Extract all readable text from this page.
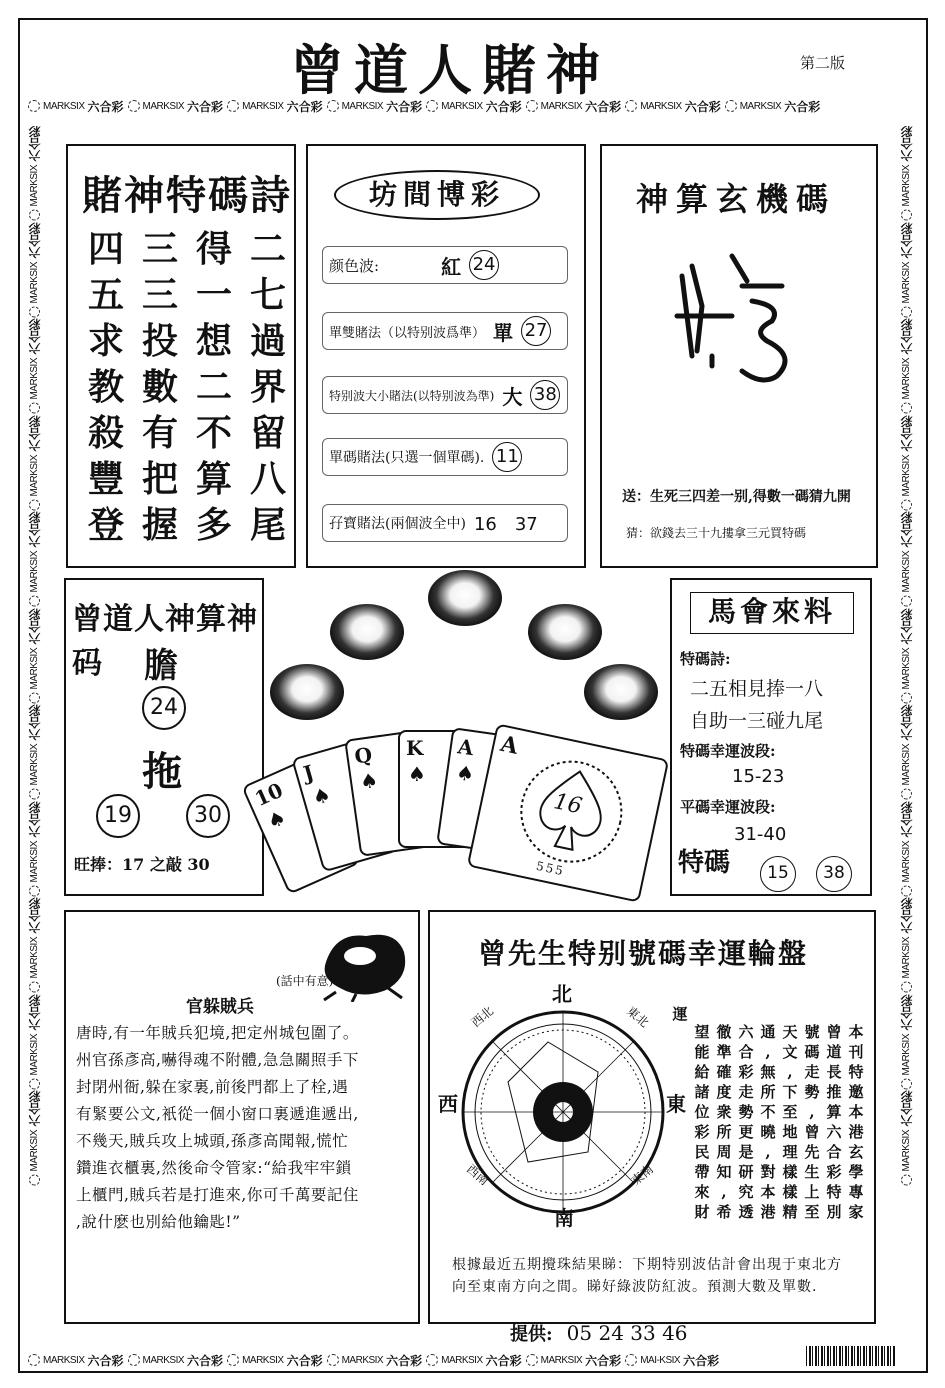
曾道人賭神	第二版
MARKSIX 六合彩 MARKSIX 六合彩 MARKSIX 六合彩 MARKSIX 六合彩 MARKSIX 六合彩 MARKSIX 六合彩 MARKSIX 六合彩 MARKSIX 六合彩
MARKSIX 六合彩 MARKSIX 六合彩 MARKSIX 六合彩 MARKSIX 六合彩 MARKSIX 六合彩 MARKSIX 六合彩 MAI-KSIX 六合彩
MARKSIX
六合彩
MARKSIX
六合彩
MARKSIX
六合彩
MARKSIX
六合彩
MARKSIX
六合彩
MARKSIX
六合彩
MARKSIX
六合彩
MARKSIX
六合彩
MARKSIX
六合彩
MARKSIX
六合彩
MARKSIX
六合彩
MARKSIX
六合彩
MARKSIX
六合彩
MARKSIX
六合彩
MARKSIX
六合彩
MARKSIX
六合彩
MARKSIX
六合彩
MARKSIX
六合彩
MARKSIX
六合彩
MARKSIX
六合彩
MARKSIX
六合彩
MARKSIX
六合彩
賭神特碼詩
四 三 得 二
五 三 一 七
求 投 想 過
教 數 二 界
殺 有 不 留
豐 把 算 八
登 握 多 尾
坊間博彩
颜色波:	紅 24
單雙賭法（以特别波爲準） 單 27
特别波大小賭法(以特别波為準) 大 38
單碼賭法(只選一個單碼). 11
孖寶賭法(兩個波全中) 16　37
神算玄機碼
送：生死三四差一别,得數一碼猜九開
猜：欲錢去三十九摟拿三元買特碼
曾道人神算神码	膽
24
拖
19	30
旺捧：17 之敲 30
10
♠
J
♠
Q
♠
K
♠
A
♠
A
16
555
馬會來料
特碼詩:
二五相見捧一八
自助一三碰九尾
特碼幸運波段:
15-23
平碼幸運波段:
31-40
特碼	15	38
(話中有意)
官躲賊兵

唐時,有一年賊兵犯境,把定州城包圍了。

州官孫彥高,嚇得魂不附體,急急關照手下

封閉州衙,躲在家裏,前後門都上了栓,遇

有緊要公文,衹從一個小窗口裏遞進遞出,

不幾天,賊兵攻上城頭,孫彥高聞報,慌忙

鑽進衣櫃裏,然後命令管家:“給我牢牢鎖

上櫃門,賊兵若是打進來,你可千萬要記住

,說什麽也別給他鑰匙!”

曾先生特别號碼幸運輪盤
北
南
西	東
西北	東北
西南	東南
本
刊
特
邀
本
港
玄
學
專
家
曾
道
長
推
算
六
合
彩
特
別
號
碼
走
勢
,
曾
先
生
上
至
天
文
,
下
至
地
理
樣
樣
精
通
,
無
所
不
曉
,
對
本
港
六
合
彩
走
勢
更
是
研
究
透
徹
準
確
度
衆
所
周
知
,
希
望
能
給
諸
位
彩
民
帶
來
財
運
根據最近五期攪珠結果睇：下期特别波估計會出現于東北方向至東南方向之間。睇好綠波防紅波。預測大數及單數.
提供: 05 24 33 46
